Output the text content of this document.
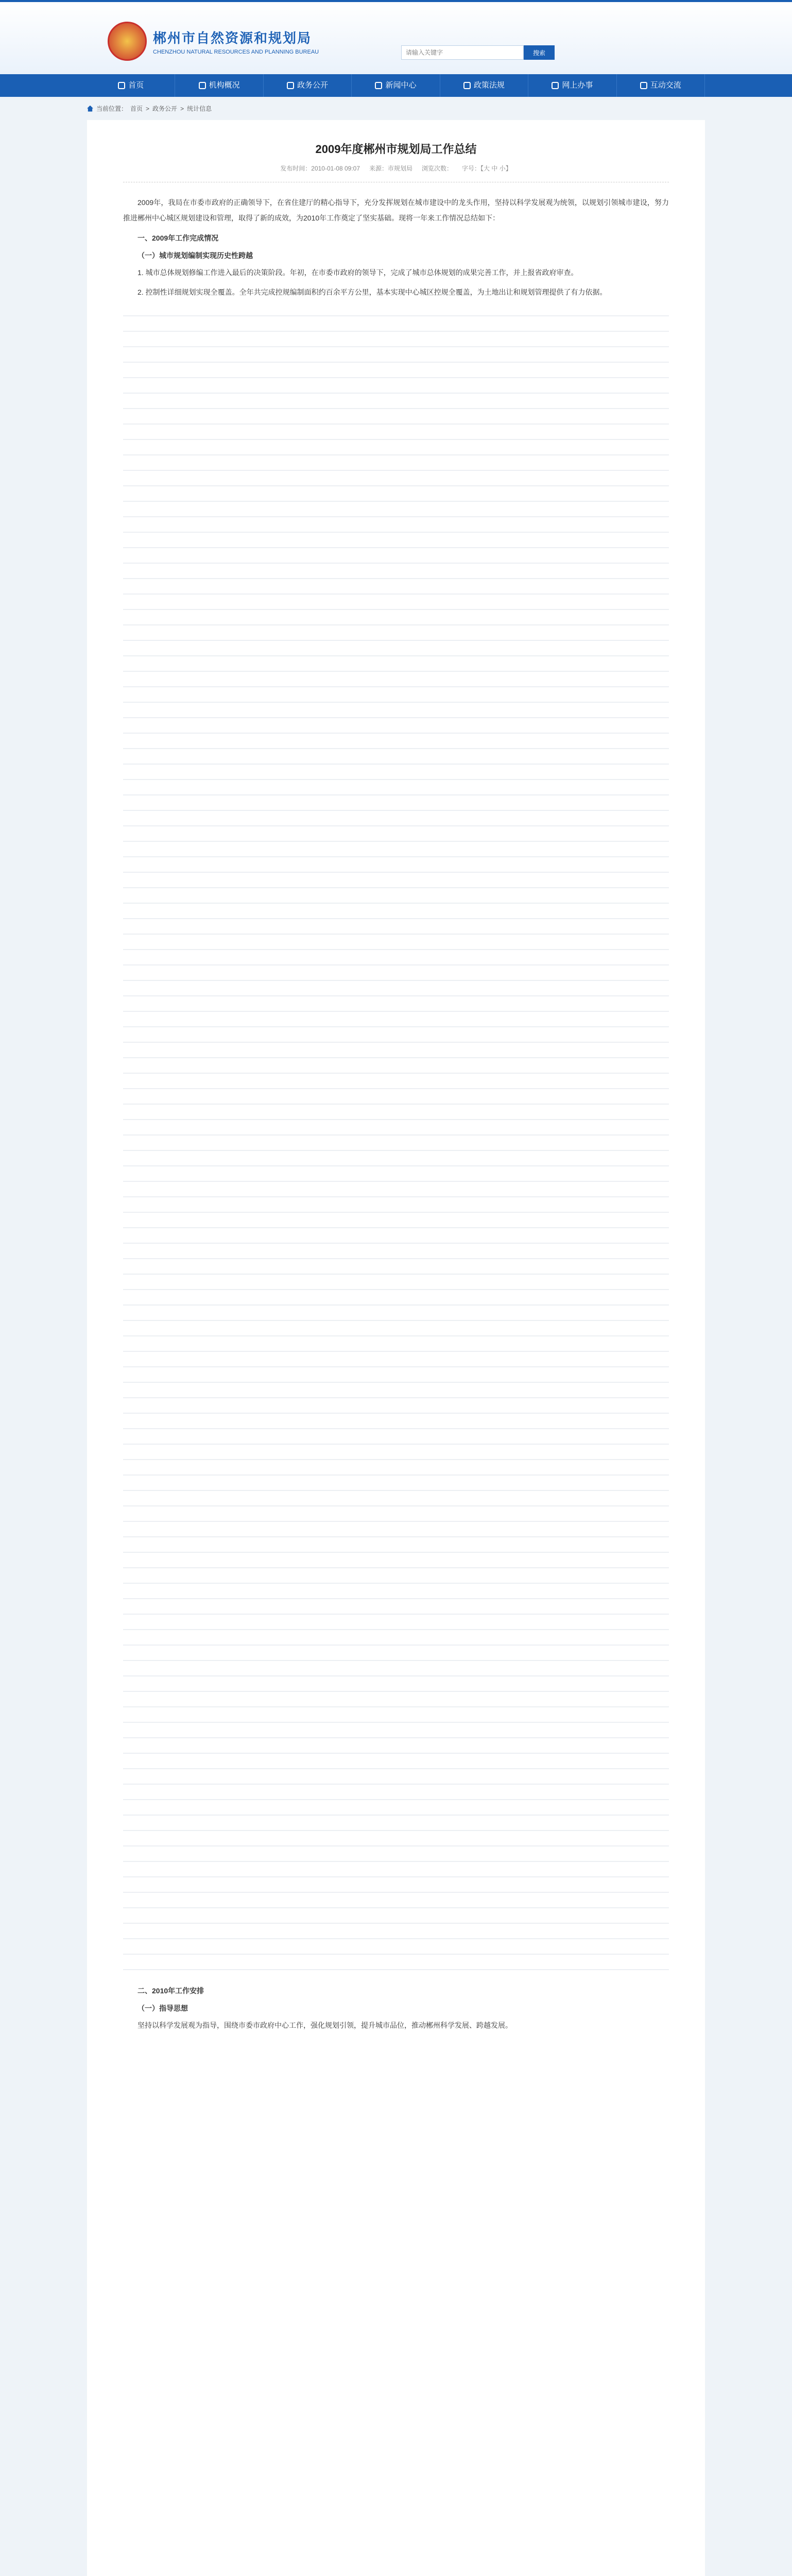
郴州市自然资源和规划局
CHENZHOU NATURAL RESOURCES AND PLANNING BUREAU
请输入关键字	搜索
首页	机构概况	政务公开	新闻中心	政策法规	网上办事	互动交流
当前位置： 首页 > 政务公开 > 统计信息
2009年度郴州市规划局工作总结
发布时间：2010-01-08 09:07 来源：市规划局 浏览次数： 字号：【大 中 小】

2009年，我局在市委市政府的正确领导下，在省住建厅的精心指导下，充分发挥规划在城市建设中的龙头作用，坚持以科学发展观为统领，以规划引领城市建设，努力推进郴州中心城区规划建设和管理，取得了新的成效，为2010年工作奠定了坚实基础。现将一年来工作情况总结如下：

一、2009年工作完成情况
（一）城市规划编制实现历史性跨越

1. 城市总体规划修编工作进入最后的决策阶段。年初，在市委市政府的领导下，完成了城市总体规划的成果完善工作，并上报省政府审查。

2. 控制性详细规划实现全覆盖。全年共完成控规编制面积约百余平方公里，基本实现中心城区控规全覆盖，为土地出让和规划管理提供了有力依据。

二、2010年工作安排
（一）指导思想

坚持以科学发展观为指导，围绕市委市政府中心工作，强化规划引领，提升城市品位，推动郴州科学发展、跨越发展。
